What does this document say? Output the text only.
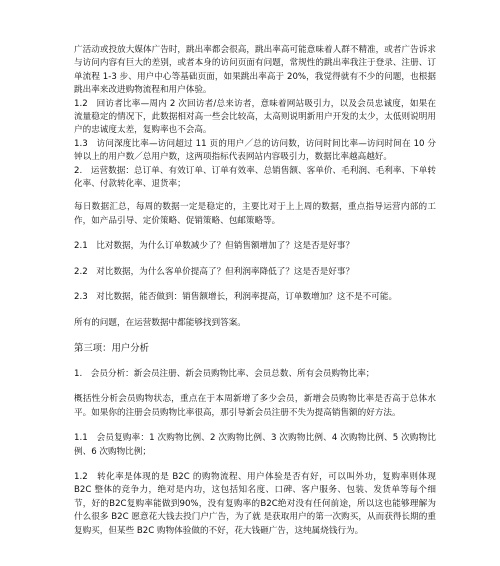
广活动或投放大媒体广告时，跳出率都会很高，跳出率高可能意味着人群不精准，或者广告诉求与访问内容有巨大的差别，或者本身的访问页面有问题，常规性的跳出率我注于登录、注册、订单流程 1-3 步、用户中心等基础页面，如果跳出率高于 20%，我觉得就有不少的问题，也根据跳出率来改进购物流程和用户体验。

1.2　回访者比率—周内 2 次回访者/总来访者，意味着网站吸引力，以及会员忠诚度，如果在流量稳定的情况下，此数据相对高一些会比较高，太高则说明新用户开发的太少，太低则说明用户的忠诚度太差，复购率也不会高。

1.3　访问深度比率—访问超过 11 页的用户／总的访问数，访问时间比率—访问时间在 10 分钟以上的用户数／总用户数，这两项指标代表网站内容吸引力，数据比率越高越好。

2.　运营数据：总订单、有效订单、订单有效率、总销售额、客单价、毛利润、毛利率、下单转化率、付款转化率、退货率；

每日数据汇总，每周的数据一定是稳定的，主要比对于上上周的数据，重点指导运营内部的工作，如产品引导、定价策略、促销策略、包邮策略等。

2.1　比对数据，为什么订单数减少了？但销售额增加了？这是否是好事？

2.2　对比数据，为什么客单价提高了？但利润率降低了？这是否是好事？

2.3　对比数据，能否做到：销售额增长，利润率提高，订单数增加？这不是不可能。

所有的问题，在运营数据中都能够找到答案。

第三项：用户分析

1.　会员分析：新会员注册、新会员购物比率、会员总数、所有会员购物比率；

概括性分析会员购物状态，重点在于本周新增了多少会员，新增会员购物比率是否高于总体水平。如果你的注册会员购物比率很高，那引导新会员注册不失为提高销售额的好方法。

1.1　会员复购率：1 次购物比例、2 次购物比例、3 次购物比例、4 次购物比例、5 次购物比例、6 次购物比例；

1.2　转化率是体现的是 B2C 的购物流程、用户体验是否有好，可以叫外功，复购率则体现 B2C 整体的竞争力，绝对是内功，这包括知名度、口碑、客户服务、包装、发货单等每个细节，好的B2C复购率能做到90%，没有复购率的B2C绝对没有任何前途，所以这也能够理解为什么很多 B2C 愿意花大钱去投门户广告，为了就 是获取用户的第一次购买，从而获得长期的重复购买，但某些 B2C 购物体验做的不好，花大钱砸广告，这纯属烧钱行为。
